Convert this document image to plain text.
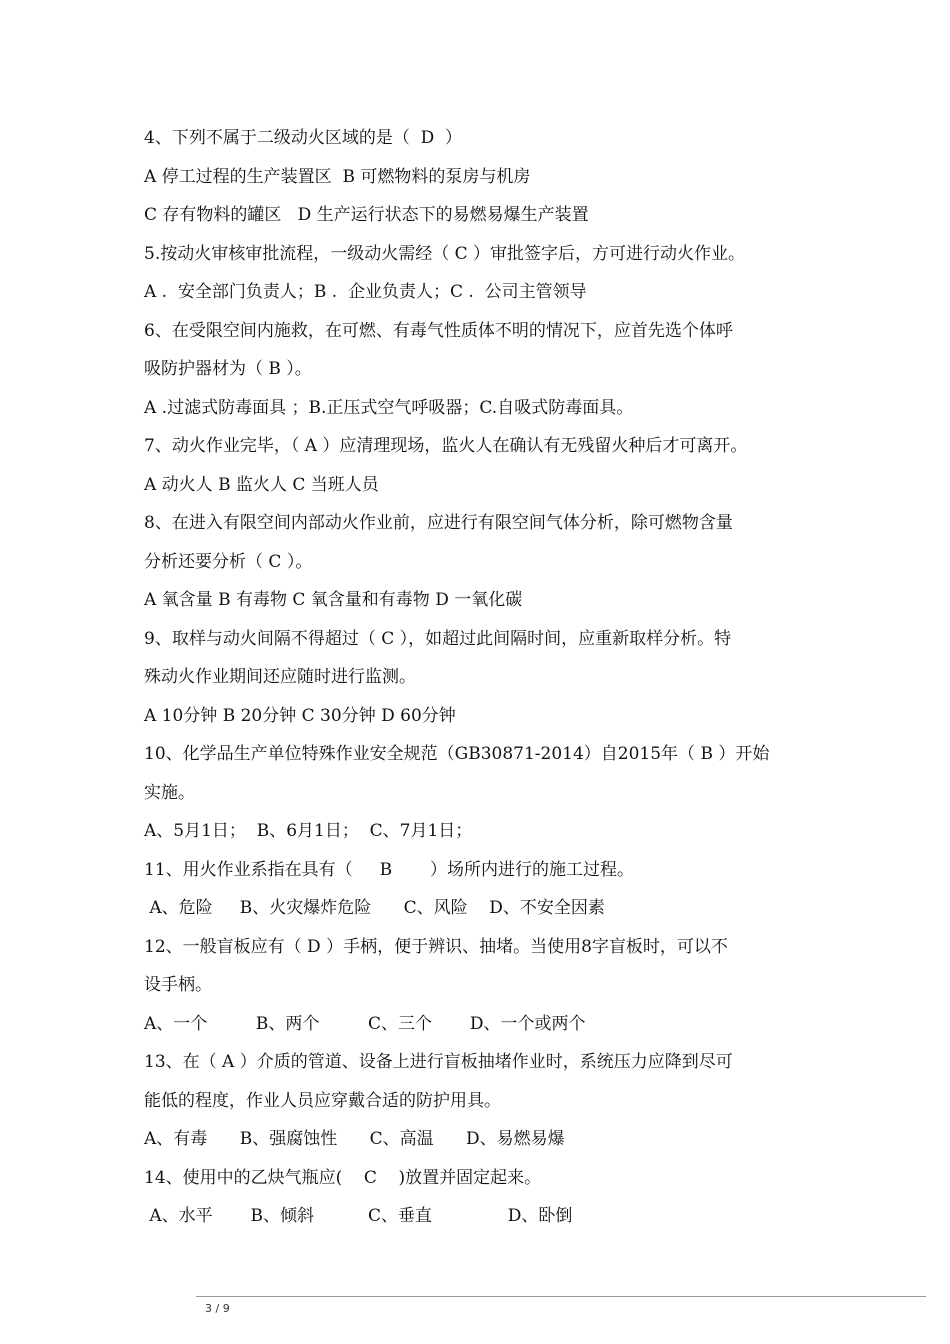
4、下列不属于二级动火区域的是（  D  ）
A 停工过程的生产装置区  B 可燃物料的泵房与机房
C 存有物料的罐区   D 生产运行状态下的易燃易爆生产装置
5.按动火审核审批流程，一级动火需经（ C ）审批签字后，方可进行动火作业。
A .  安全部门负责人；B .  企业负责人；C .  公司主管领导
6、在受限空间内施救，在可燃、有毒气性质体不明的情况下，应首先选个体呼
吸防护器材为（ B ）。
A .过滤式防毒面具 ；B.正压式空气呼吸器；C.自吸式防毒面具。
7、动火作业完毕，（ A ）应清理现场，监火人在确认有无残留火种后才可离开。
A 动火人 B 监火人 C 当班人员
8、在进入有限空间内部动火作业前，应进行有限空间气体分析，除可燃物含量
分析还要分析（ C ）。
A 氧含量 B 有毒物 C 氧含量和有毒物 D 一氧化碳
9、取样与动火间隔不得超过（ C ），如超过此间隔时间，应重新取样分析。特
殊动火作业期间还应随时进行监测。
A 10分钟 B 20分钟 C 30分钟 D 60分钟
10、化学品生产单位特殊作业安全规范（GB30871-2014）自2015年（ B ）开始
实施。
A、5月1日；  B、6月1日；  C、7月1日；
11、用火作业系指在具有（     B       ）场所内进行的施工过程。
A、危险     B、火灾爆炸危险      C、风险    D、不安全因素
12、一般盲板应有（ D ）手柄，便于辨识、抽堵。当使用8字盲板时，可以不
设手柄。
A、一个         B、两个         C、三个       D、一个或两个
13、在（ A ）介质的管道、设备上进行盲板抽堵作业时，系统压力应降到尽可
能低的程度，作业人员应穿戴合适的防护用具。
A、有毒      B、强腐蚀性      C、高温      D、易燃易爆
14、使用中的乙炔气瓶应(    C    )放置并固定起来。
A、水平       B、倾斜          C、垂直              D、卧倒
3 / 9
